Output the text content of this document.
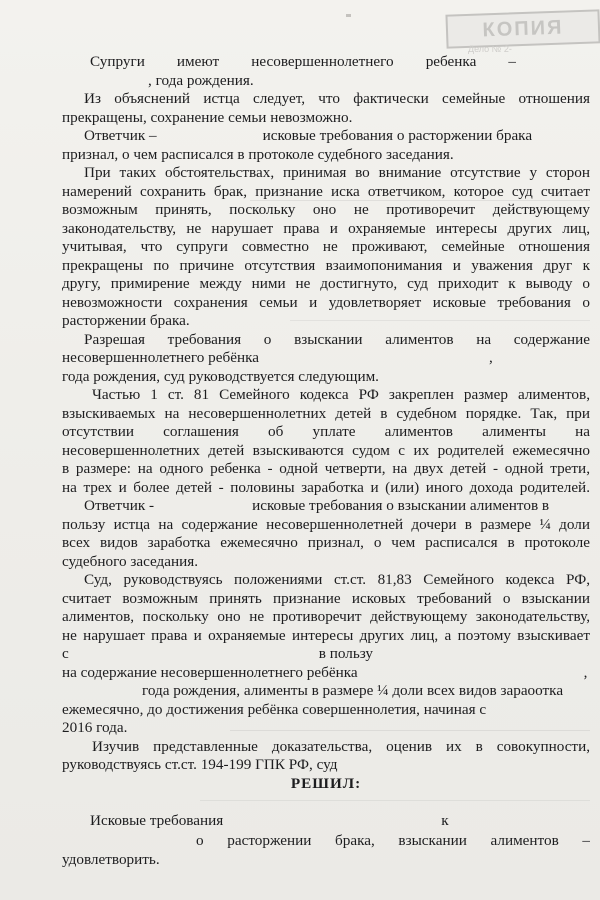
КОПИЯ
Дело № 2-
Супруги имеют несовершеннолетнего ребенка –
, года рождения.
Из объяснений истца следует, что фактически семейные отношения
прекращены, сохранение семьи невозможно.
Ответчик –	исковые требования о расторжении брака
признал, о чем расписался в протоколе судебного заседания.
При таких обстоятельствах, принимая во внимание отсутствие у сторон
намерений сохранить брак, признание иска ответчиком, которое суд считает
возможным принять, поскольку оно не противоречит действующему
законодательству, не нарушает права и охраняемые интересы других лиц,
учитывая, что супруги совместно не проживают, семейные отношения
прекращены по причине отсутствия взаимопонимания и уважения друг к
другу, примирение между ними не достигнуто, суд приходит к выводу о
невозможности сохранения семьи и удовлетворяет исковые требования о
расторжении брака.
Разрешая требования о взыскании алиментов на содержание
несовершеннолетнего ребёнка	,
года рождения, суд руководствуется следующим.
Частью 1 ст. 81 Семейного кодекса РФ закреплен размер алиментов,
взыскиваемых на несовершеннолетних детей в судебном порядке. Так, при
отсутствии соглашения об уплате алиментов алименты на
несовершеннолетних детей взыскиваются судом с их родителей ежемесячно
в размере: на одного ребенка - одной четверти, на двух детей - одной трети,
на трех и более детей - половины заработка и (или) иного дохода родителей.
Ответчик -	исковые требования о взыскании алиментов в
пользу истца на содержание несовершеннолетней дочери в размере ¼ доли
всех видов заработка ежемесячно признал, о чем расписался в протоколе
судебного заседания.
Суд, руководствуясь положениями ст.ст. 81,83 Семейного кодекса РФ,
считает возможным принять признание исковых требований о взыскании
алиментов, поскольку оно не противоречит действующему законодательству,
не нарушает права и охраняемые интересы других лиц, а поэтому взыскивает
с	в пользу
на содержание несовершеннолетнего ребёнка	,
года рождения, алименты в размере ¼ доли всех видов зараоотка
ежемесячно, до достижения ребёнка совершеннолетия, начиная с
2016 года.
Изучив представленные доказательства, оценив их в совокупности,
руководствуясь ст.ст. 194-199 ГПК РФ, суд
РЕШИЛ:
Исковые требования	к
о расторжении брака, взыскании алиментов –
удовлетворить.
